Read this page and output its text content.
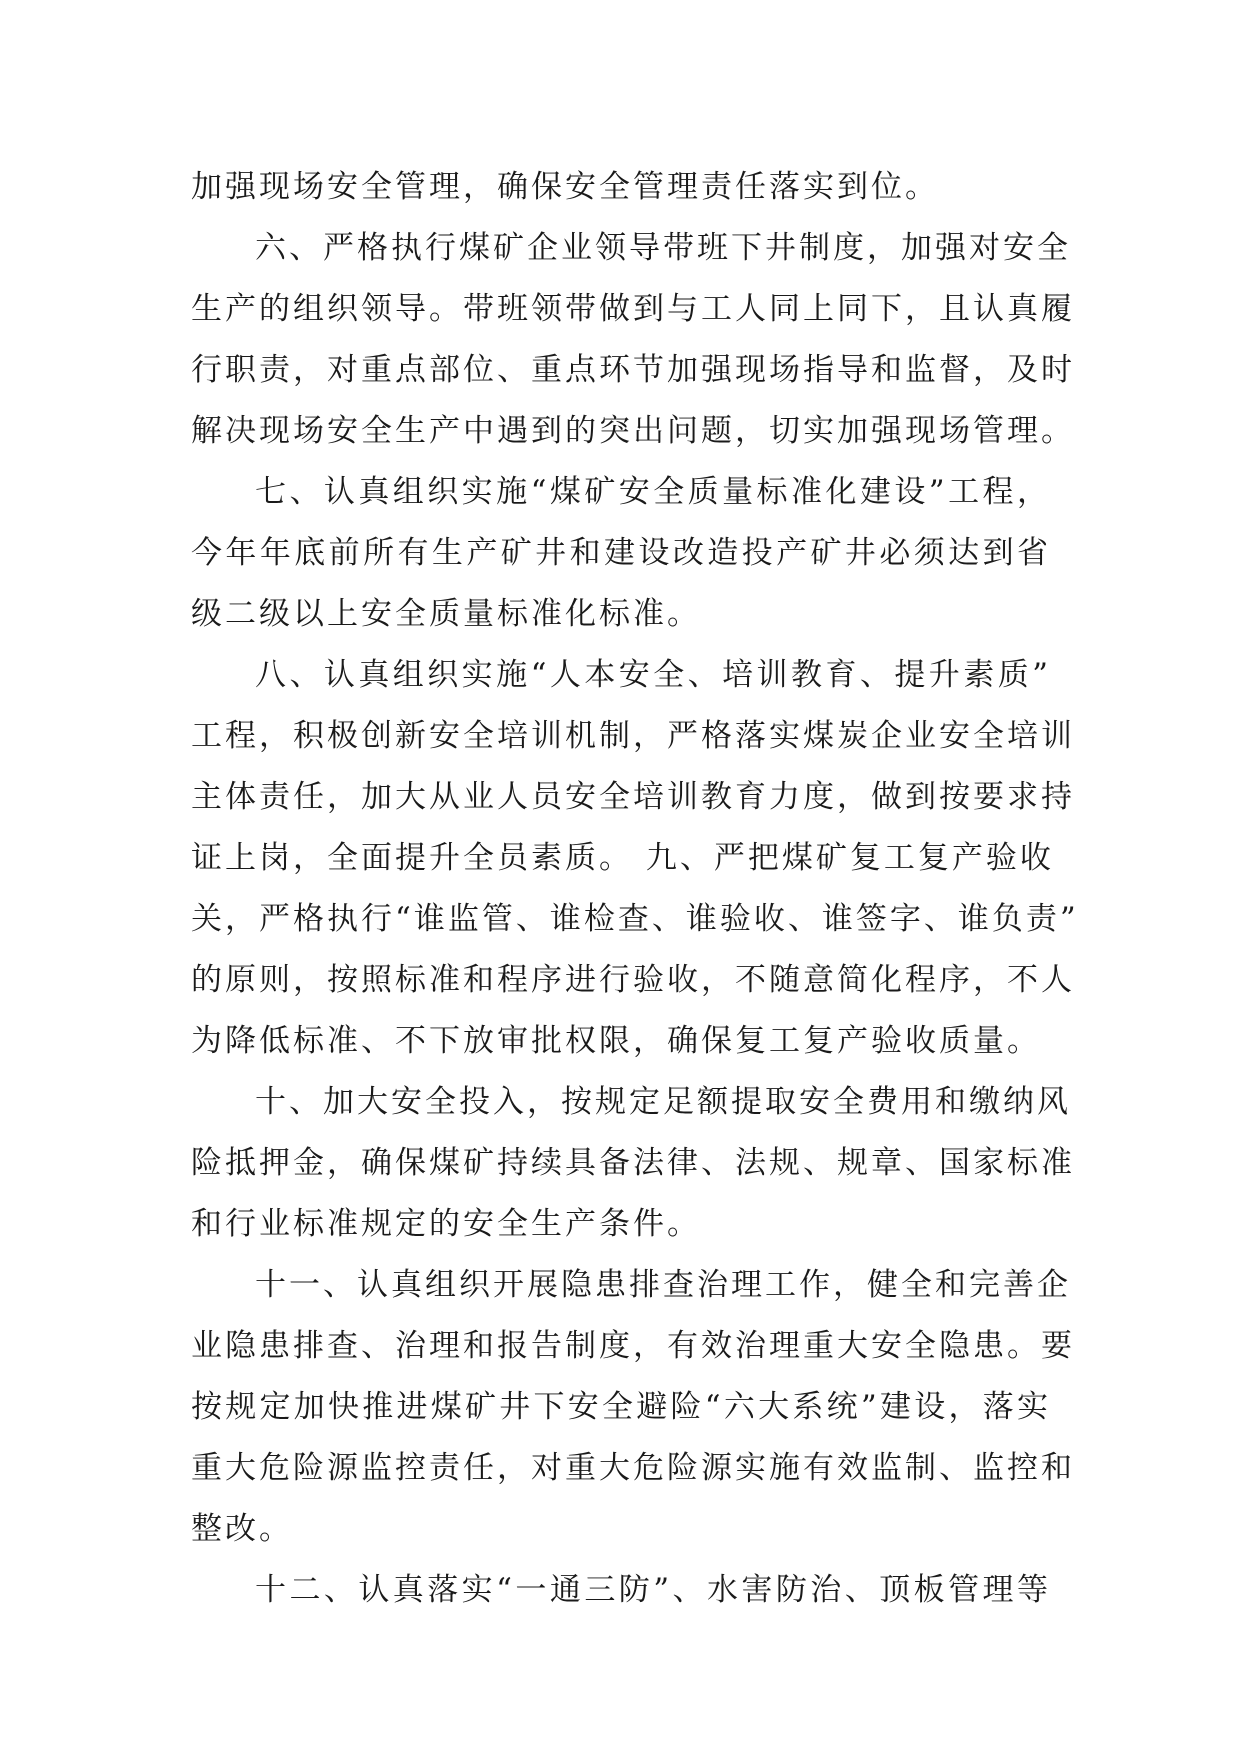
加强现场安全管理，确保安全管理责任落实到位。
六、严格执行煤矿企业领导带班下井制度，加强对安全
生产的组织领导。带班领带做到与工人同上同下，且认真履
行职责，对重点部位、重点环节加强现场指导和监督，及时
解决现场安全生产中遇到的突出问题，切实加强现场管理。
七、认真组织实施“煤矿安全质量标准化建设”工程，
今年年底前所有生产矿井和建设改造投产矿井必须达到省
级二级以上安全质量标准化标准。
八、认真组织实施“人本安全、培训教育、提升素质”
工程，积极创新安全培训机制，严格落实煤炭企业安全培训
主体责任，加大从业人员安全培训教育力度，做到按要求持
证上岗，全面提升全员素质。 九、严把煤矿复工复产验收
关，严格执行“谁监管、谁检查、谁验收、谁签字、谁负责”
的原则，按照标准和程序进行验收，不随意简化程序，不人
为降低标准、不下放审批权限，确保复工复产验收质量。
十、加大安全投入，按规定足额提取安全费用和缴纳风
险抵押金，确保煤矿持续具备法律、法规、规章、国家标准
和行业标准规定的安全生产条件。
十一、认真组织开展隐患排查治理工作，健全和完善企
业隐患排查、治理和报告制度，有效治理重大安全隐患。要
按规定加快推进煤矿井下安全避险“六大系统”建设，落实
重大危险源监控责任，对重大危险源实施有效监制、监控和
整改。
十二、认真落实“一通三防”、水害防治、顶板管理等
